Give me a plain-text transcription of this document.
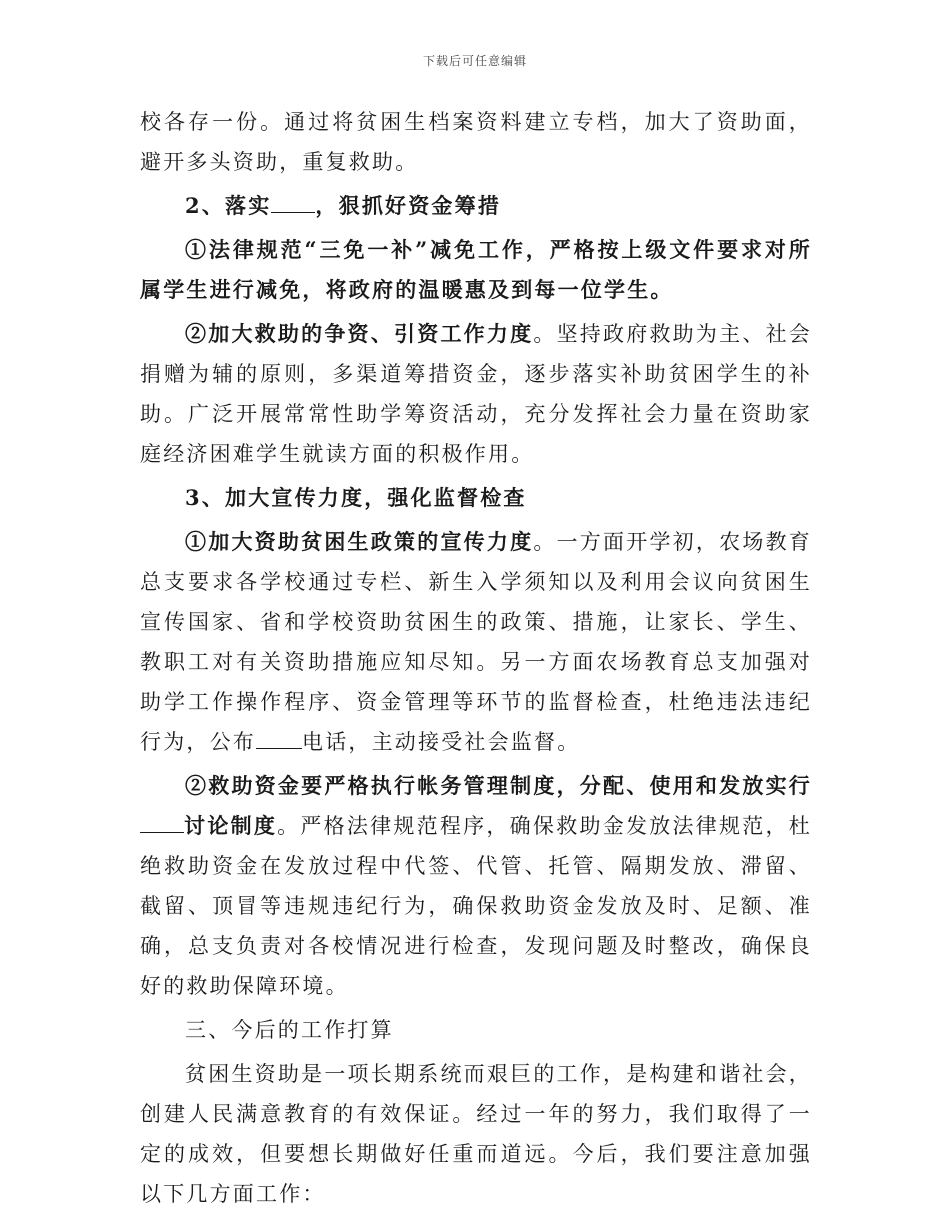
下载后可任意编辑

校各存一份。通过将贫困生档案资料建立专档，加大了资助面，避开多头资助，重复救助。

2、落实 ，狠抓好资金筹措

①法律规范“三免一补”减免工作，严格按上级文件要求对所属学生进行减免，将政府的温暖惠及到每一位学生。

②加大救助的争资、引资工作力度。坚持政府救助为主、社会捐赠为辅的原则，多渠道筹措资金，逐步落实补助贫困学生的补助。广泛开展常常性助学筹资活动，充分发挥社会力量在资助家庭经济困难学生就读方面的积极作用。

3、加大宣传力度，强化监督检查

①加大资助贫困生政策的宣传力度。一方面开学初，农场教育总支要求各学校通过专栏、新生入学须知以及利用会议向贫困生宣传国家、省和学校资助贫困生的政策、措施，让家长、学生、教职工对有关资助措施应知尽知。另一方面农场教育总支加强对助学工作操作程序、资金管理等环节的监督检查，杜绝违法违纪行为，公布 电话，主动接受社会监督。

②救助资金要严格执行帐务管理制度，分配、使用和发放实行讨论制度。严格法律规范程序，确保救助金发放法律规范，杜绝救助资金在发放过程中代签、代管、托管、隔期发放、滞留、截留、顶冒等违规违纪行为，确保救助资金发放及时、足额、准确，总支负责对各校情况进行检查，发现问题及时整改，确保良好的救助保障环境。

三、今后的工作打算

贫困生资助是一项长期系统而艰巨的工作，是构建和谐社会，创建人民满意教育的有效保证。经过一年的努力，我们取得了一定的成效，但要想长期做好任重而道远。今后，我们要注意加强以下几方面工作：
